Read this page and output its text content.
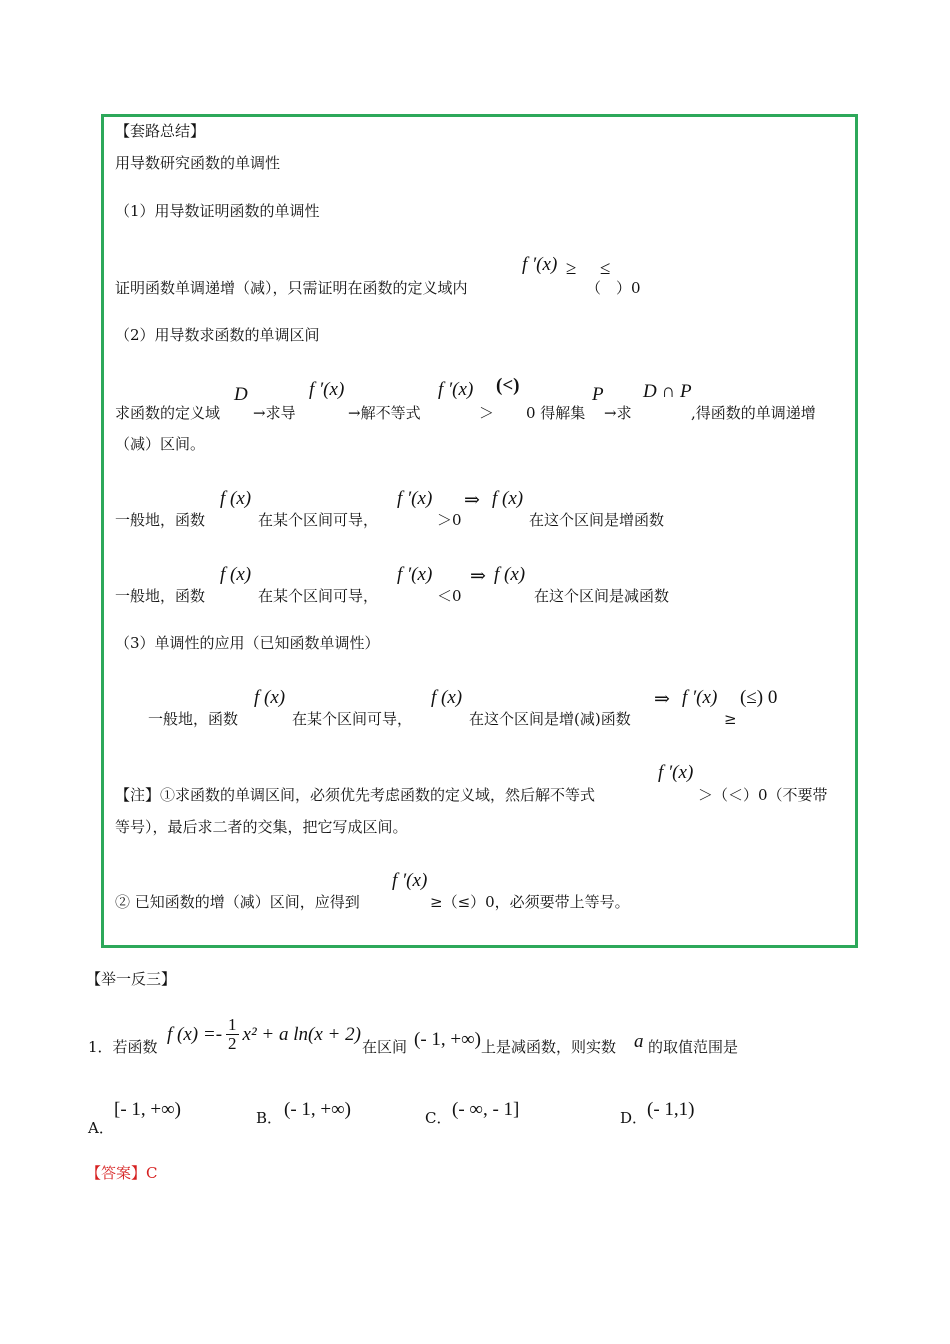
【套路总结】
用导数研究函数的单调性
（1）用导数证明函数的单调性
f ′(x) ≥ ≤
证明函数单调递增（减），只需证明在函数的定义域内	（　）0
（2）用导数求函数的单调区间
D	f ′(x)	f ′(x) (<)	P D ∩ P
求函数的定义域 →求导	→解不等式	＞ 0 得解集 →求	,得函数的单调递增
（减）区间。
f (x)	f ′(x) ⇒ f (x)
一般地，函数	在某个区间可导，	＞0	在这个区间是增函数
f (x)	f ′(x) ⇒ f (x)
一般地，函数	在某个区间可导，	＜0	在这个区间是减函数
（3）单调性的应用（已知函数单调性）
f (x)	f (x)	⇒ f ′(x) (≤) 0
一般地，函数	在某个区间可导，	在这个区间是增(减)函数	≥
f ′(x)
【注】①求函数的单调区间，必须优先考虑函数的定义域，然后解不等式	＞（＜）0（不要带
等号），最后求二者的交集，把它写成区间。
f ′(x)
② 已知函数的增（减）区间，应得到	≥（≤）0，必须要带上等号。
【举一反三】
1．若函数
f $(x) =- \frac{1}{2} x^2 + a$ ln(x + 2)
在区间 (- 1, +∞) 上是减函数，则实数 a 的取值范围是
A．
[- 1, +∞)	B． (- 1, +∞)	C． (- ∞, - 1]	D． (- 1,1)
【答案】C
